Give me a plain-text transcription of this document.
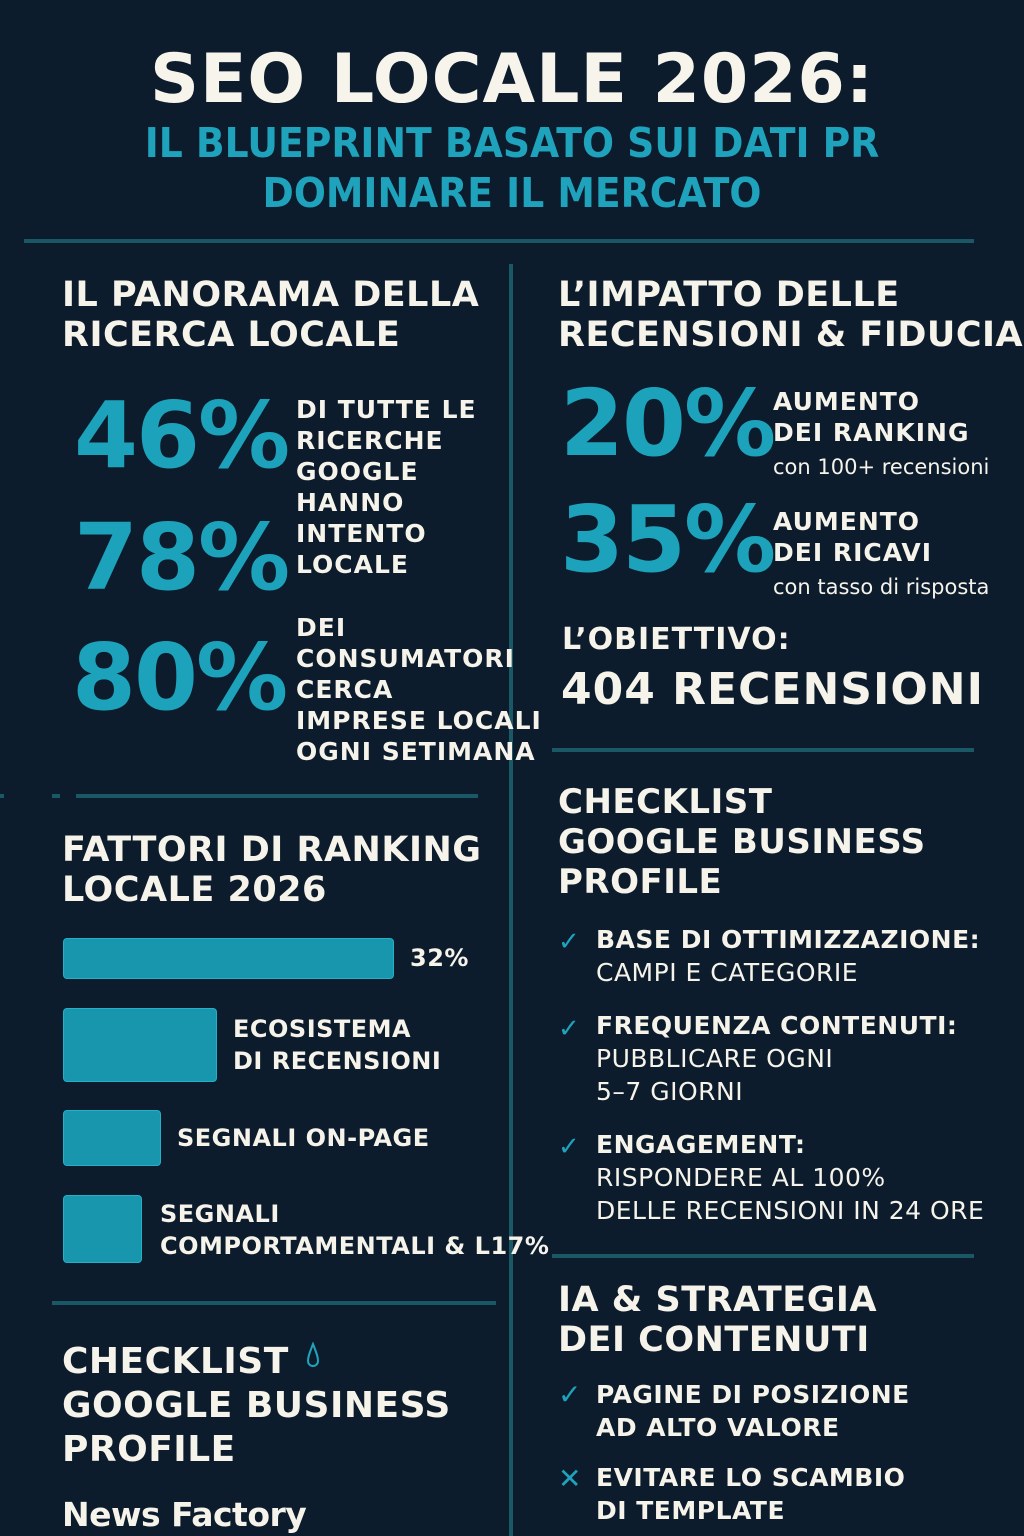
SEO LOCALE 2026:
IL BLUEPRINT BASATO SUI DATI PR
DOMINARE IL MERCATO
IL PANORAMA DELLA
RICERCA LOCALE
46%
78%
80%
DI TUTTE LE
RICERCHE
GOOGLE
HANNO
INTENTO
LOCALE
DEI
CONSUMATORI
CERCA
IMPRESE LOCALI
OGNI SETIMANA
FATTORI DI RANKING
LOCALE 2026
32%
ECOSISTEMA
DI RECENSIONI
SEGNALI ON-PAGE
SEGNALI
COMPORTAMENTALI & L17%
CHECKLIST
GOOGLE BUSINESS
PROFILE
News Factory
L’IMPATTO DELLE
RECENSIONI & FIDUCIA
20%
AUMENTO
DEI RANKING
con 100+ recensioni
35%
AUMENTO
DEI RICAVI
con tasso di risposta
L’OBIETTIVO:
404 RECENSIONI
CHECKLIST
GOOGLE BUSINESS
PROFILE
✓ BASE DI OTTIMIZZAZIONE:
CAMPI E CATEGORIE
✓ FREQUENZA CONTENUTI:
PUBBLICARE OGNI
5–7 GIORNI
✓ ENGAGEMENT:
RISPONDERE AL 100%
DELLE RECENSIONI IN 24 ORE
IA & STRATEGIA
DEI CONTENUTI
✓ PAGINE DI POSIZIONE
AD ALTO VALORE
✕ EVITARE LO SCAMBIO
DI TEMPLATE
